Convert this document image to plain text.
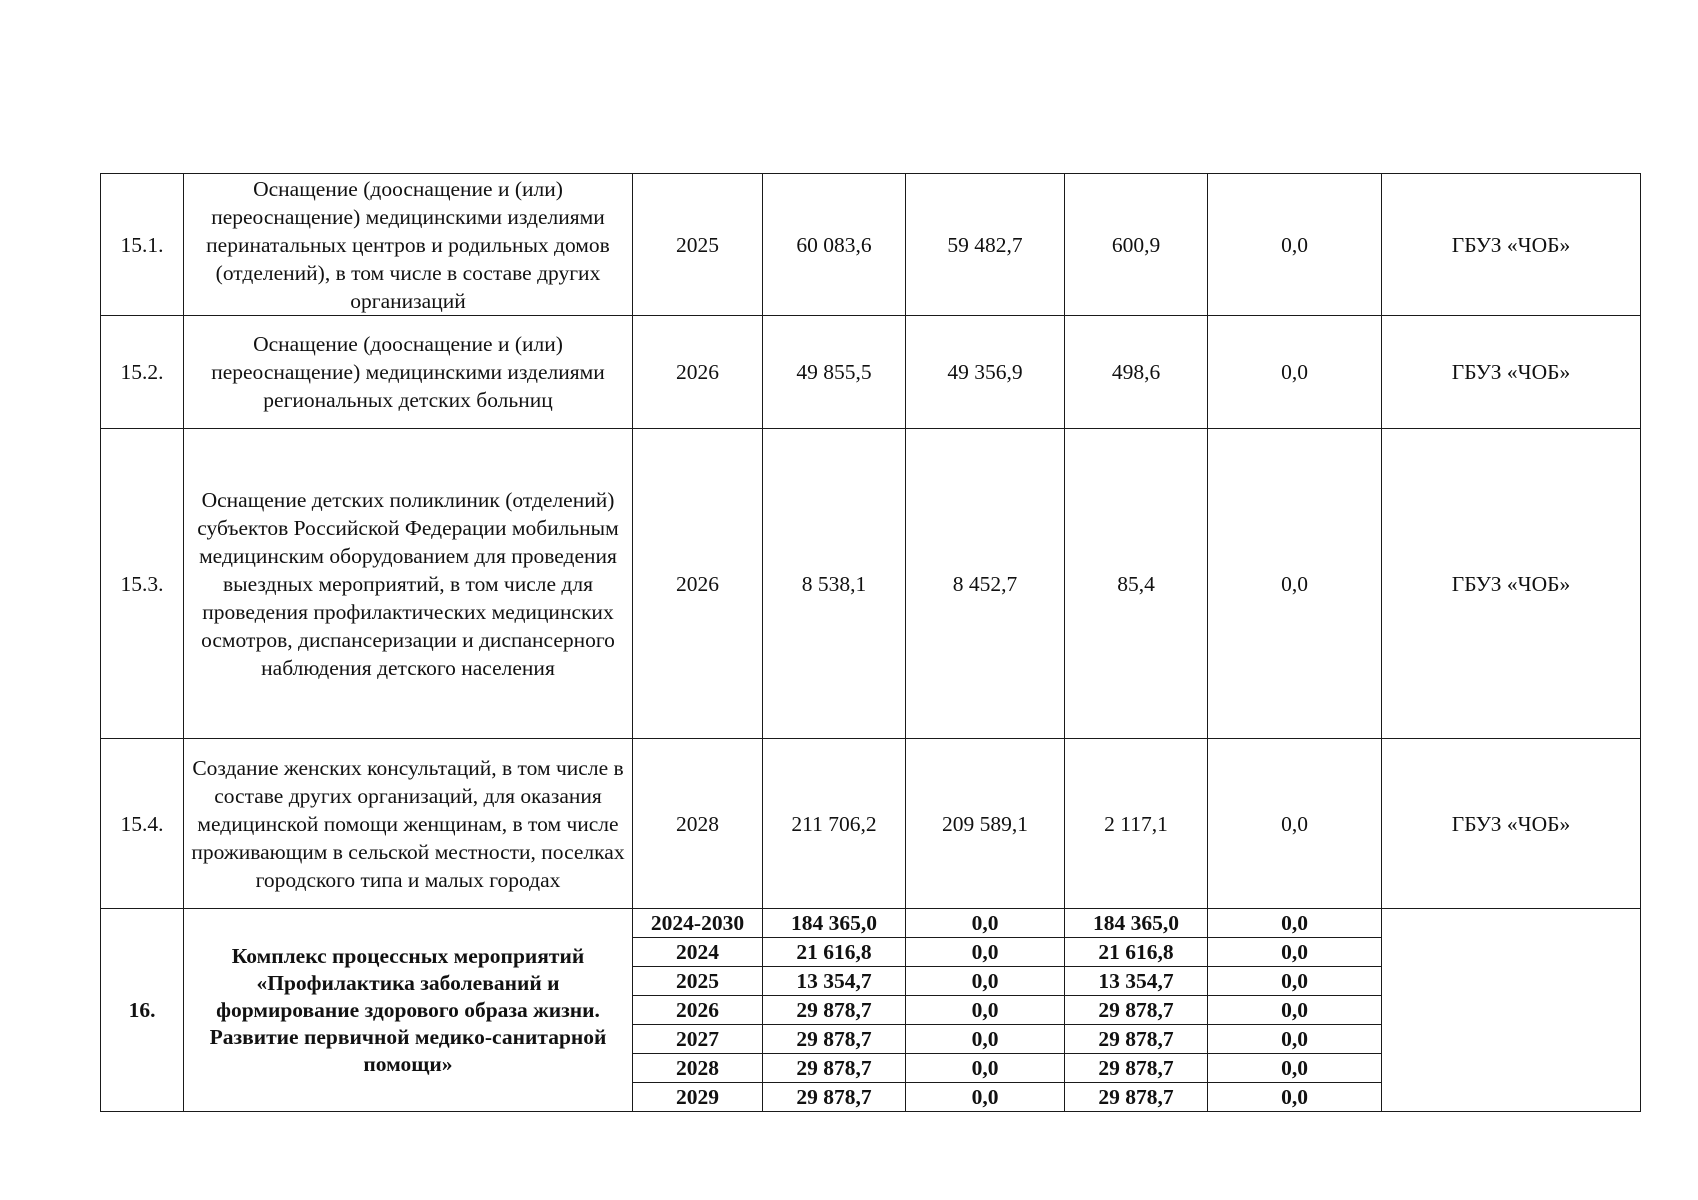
15.1.	Оснащение (дооснащение и (или) переоснащение) медицинскими изделиями перинатальных центров и родильных домов (отделений), в том числе в составе других организаций	2025	60 083,6	59 482,7	600,9	0,0	ГБУЗ «ЧОБ»
15.2.	Оснащение (дооснащение и (или) переоснащение) медицинскими изделиями региональных детских больниц	2026	49 855,5	49 356,9	498,6	0,0	ГБУЗ «ЧОБ»
15.3.	Оснащение детских поликлиник (отделений) субъектов Российской Федерации мобильным медицинским оборудованием для проведения выездных мероприятий, в том числе для проведения профилактических медицинских осмотров, диспансеризации и диспансерного наблюдения детского населения	2026	8 538,1	8 452,7	85,4	0,0	ГБУЗ «ЧОБ»
15.4.	Создание женских консультаций, в том числе в составе других организаций, для оказания медицинской помощи женщинам, в том числе проживающим в сельской местности, поселках городского типа и малых городах	2028	211 706,2	209 589,1	2 117,1	0,0	ГБУЗ «ЧОБ»
16.	Комплекс процессных мероприятий «Профилактика заболеваний и формирование здорового образа жизни. Развитие первичной медико-санитарной помощи»	2024-2030	184 365,0	0,0	184 365,0	0,0	
		2024	21 616,8	0,0	21 616,8	0,0	
		2025	13 354,7	0,0	13 354,7	0,0	
		2026	29 878,7	0,0	29 878,7	0,0	
		2027	29 878,7	0,0	29 878,7	0,0	
		2028	29 878,7	0,0	29 878,7	0,0	
		2029	29 878,7	0,0	29 878,7	0,0	
